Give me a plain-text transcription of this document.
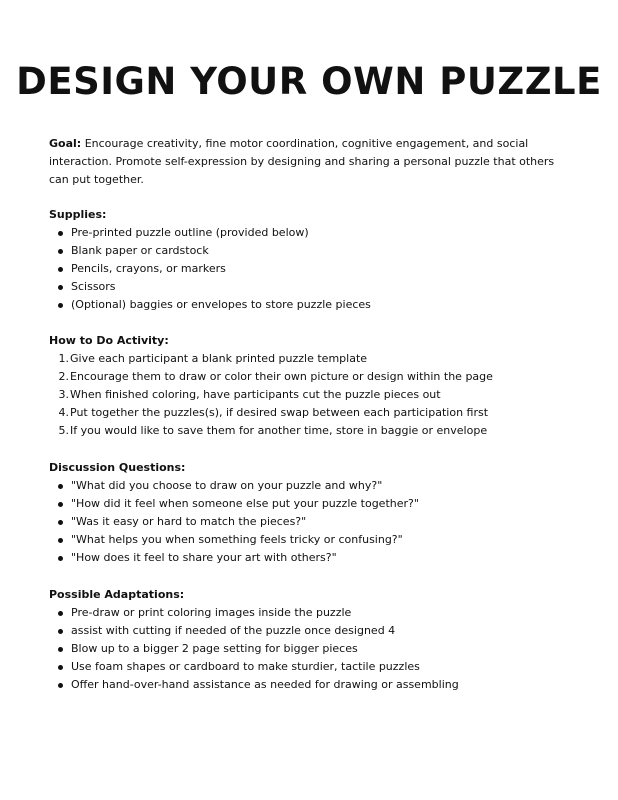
DESIGN YOUR OWN PUZZLE

Goal: Encourage creativity, fine motor coordination, cognitive engagement, and social interaction. Promote self-expression by designing and sharing a personal puzzle that others can put together.

Supplies:
Pre-printed puzzle outline (provided below)
Blank paper or cardstock
Pencils, crayons, or markers
Scissors
(Optional) baggies or envelopes to store puzzle pieces
How to Do Activity:
1.Give each participant a blank printed puzzle template
2.Encourage them to draw or color their own picture or design within the page
3.When finished coloring, have participants cut the puzzle pieces out
4.Put together the puzzles(s), if desired swap between each participation first
5.If you would like to save them for another time, store in baggie or envelope
Discussion Questions:
"What did you choose to draw on your puzzle and why?"
"How did it feel when someone else put your puzzle together?"
"Was it easy or hard to match the pieces?"
"What helps you when something feels tricky or confusing?"
"How does it feel to share your art with others?"
Possible Adaptations:
Pre-draw or print coloring images inside the puzzle
assist with cutting if needed of the puzzle once designed 4
Blow up to a bigger 2 page setting for bigger pieces
Use foam shapes or cardboard to make sturdier, tactile puzzles
Offer hand-over-hand assistance as needed for drawing or assembling
